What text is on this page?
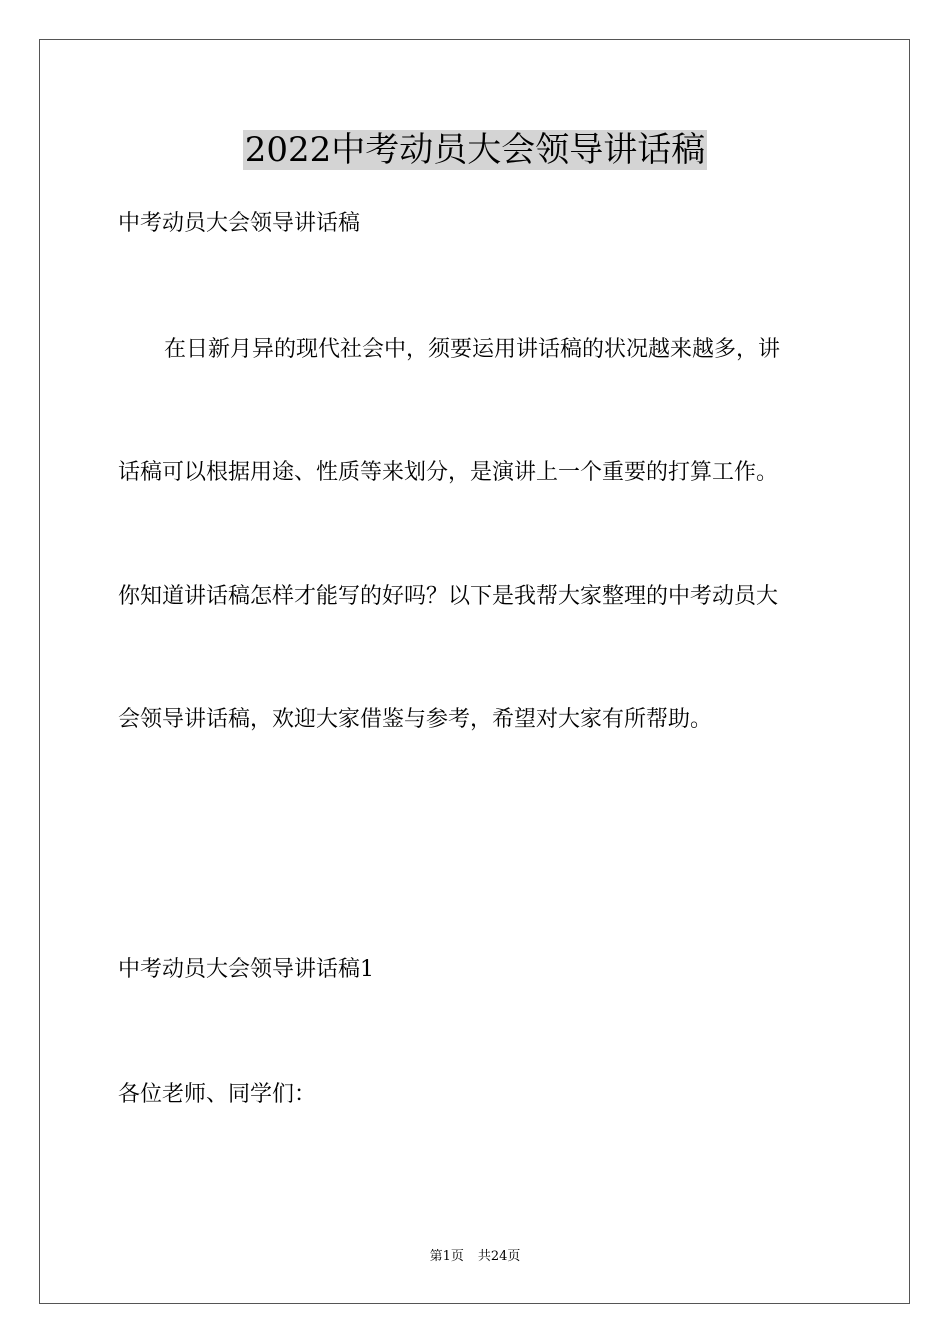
2022中考动员大会领导讲话稿
中考动员大会领导讲话稿
在日新月异的现代社会中，须要运用讲话稿的状况越来越多，讲
话稿可以根据用途、性质等来划分，是演讲上一个重要的打算工作。
你知道讲话稿怎样才能写的好吗？以下是我帮大家整理的中考动员大
会领导讲话稿，欢迎大家借鉴与参考，希望对大家有所帮助。
中考动员大会领导讲话稿1
各位老师、同学们：
第1页 共24页
